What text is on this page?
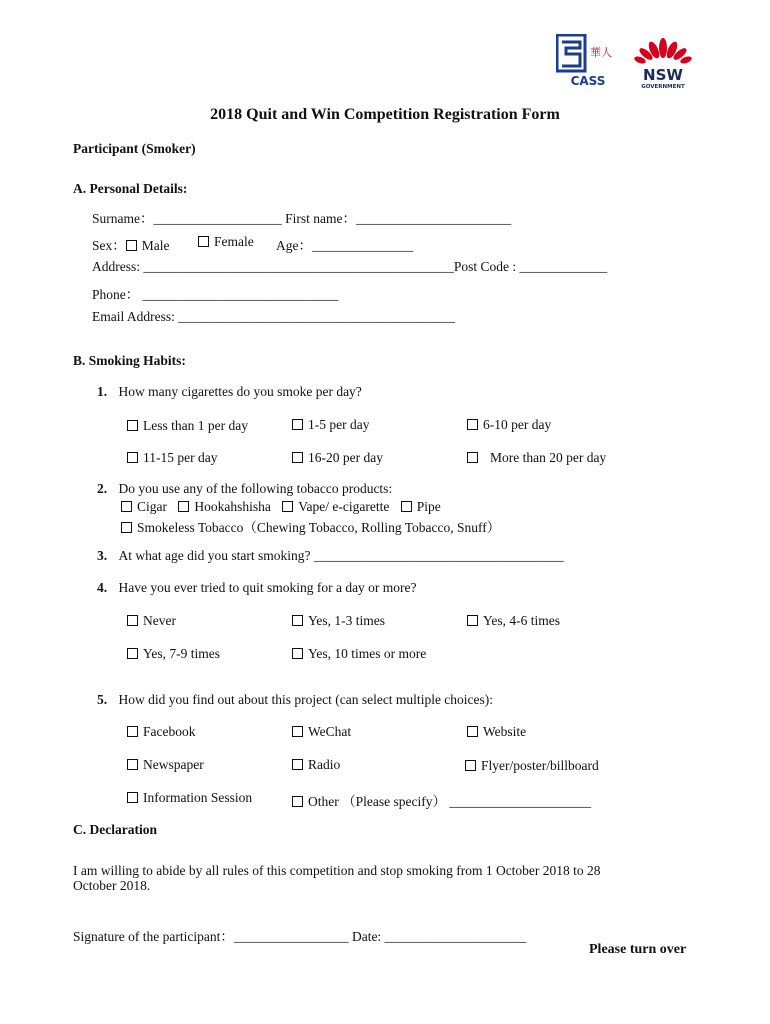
華人
CASS	NSW
GOVERNMENT
2018 Quit and Win Competition Registration Form
Participant (Smoker)
A. Personal Details:
Surname：___________________ First name：_______________________
Sex： Male	Female Age：_______________
Address: ______________________________________________Post Code : _____________
Phone： _____________________________
Email Address: _________________________________________
B. Smoking Habits:
1. How many cigarettes do you smoke per day?
Less than 1 per day	1-5 per day	6-10 per day
11-15 per day	16-20 per day	More than 20 per day
2. Do you use any of the following tobacco products:
Cigar Hookahshisha Vape/ e-cigarette Pipe
Smokeless Tobacco（Chewing Tobacco, Rolling Tobacco, Snuff）
3. At what age did you start smoking? _____________________________________
4. Have you ever tried to quit smoking for a day or more?
Never	Yes, 1-3 times	Yes, 4-6 times
Yes, 7-9 times	Yes, 10 times or more
5. How did you find out about this project (can select multiple choices):
Facebook	WeChat	Website
Newspaper	Radio	Flyer/poster/billboard
Information Session	Other （Please specify） _____________________
C. Declaration
I am willing to abide by all rules of this competition and stop smoking from 1 October 2018 to 28
October 2018.
Signature of the participant：_________________ Date: _____________________
Please turn over
